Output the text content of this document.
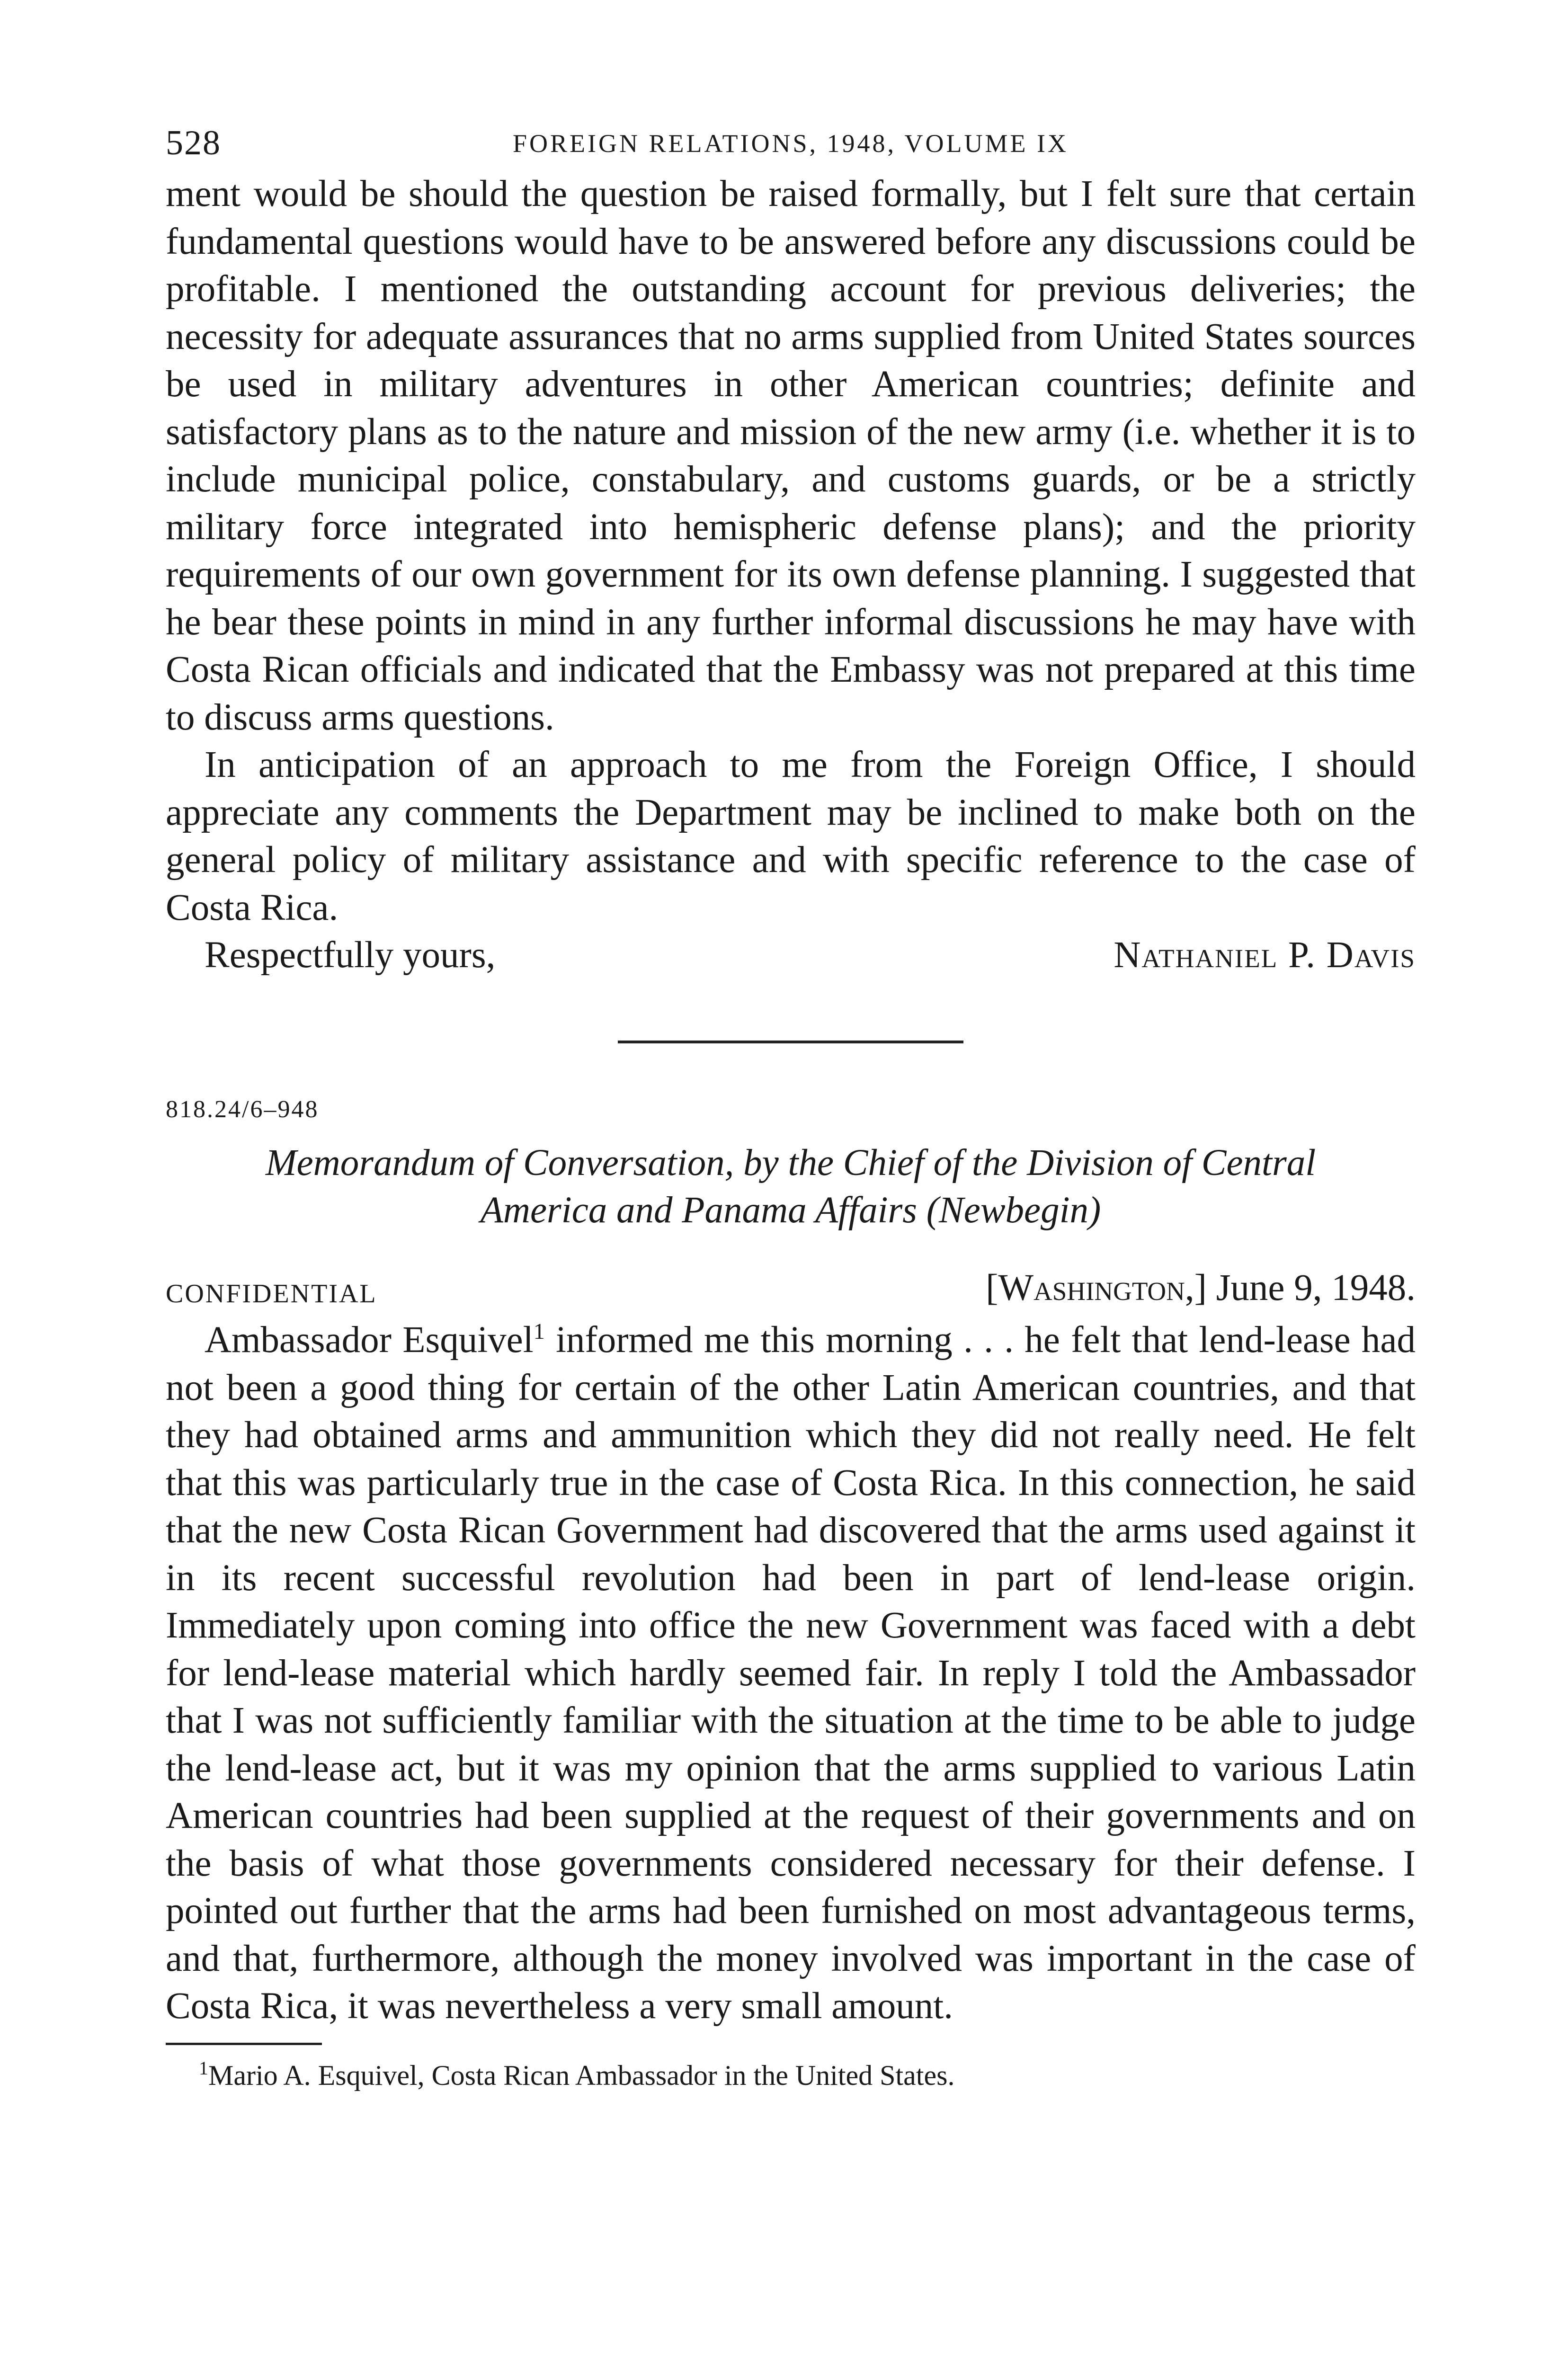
528	FOREIGN RELATIONS, 1948, VOLUME IX

ment would be should the question be raised formally, but I felt sure that certain fundamental questions would have to be answered before any discussions could be profitable. I mentioned the outstanding account for previous deliveries; the necessity for adequate assurances that no arms supplied from United States sources be used in military adventures in other American countries; definite and satisfactory plans as to the nature and mission of the new army (i.e. whether it is to include municipal police, constabulary, and customs guards, or be a strictly military force integrated into hemispheric defense plans); and the priority requirements of our own government for its own defense planning. I suggested that he bear these points in mind in any further informal discussions he may have with Costa Rican officials and indicated that the Embassy was not prepared at this time to discuss arms questions.

In anticipation of an approach to me from the Foreign Office, I should appreciate any comments the Department may be inclined to make both on the general policy of military assistance and with specific reference to the case of Costa Rica.

Respectfully yours,	Nathaniel P. Davis
818.24/6–948
Memorandum of Conversation, by the Chief of the Division of Central
America and Panama Affairs (Newbegin)
CONFIDENTIAL	[Washington,] June 9, 1948.

Ambassador Esquivel$^1$ informed me this morning . . . he felt that lend-lease had not been a good thing for certain of the other Latin American countries, and that they had obtained arms and ammunition which they did not really need. He felt that this was particularly true in the case of Costa Rica. In this connection, he said that the new Costa Rican Government had discovered that the arms used against it in its recent successful revolution had been in part of lend-lease origin. Immediately upon coming into office the new Government was faced with a debt for lend-lease material which hardly seemed fair. In reply I told the Ambassador that I was not sufficiently familiar with the situation at the time to be able to judge the lend-lease act, but it was my opinion that the arms supplied to various Latin American countries had been supplied at the request of their governments and on the basis of what those governments considered necessary for their defense. I pointed out further that the arms had been furnished on most advantageous terms, and that, furthermore, although the money involved was important in the case of Costa Rica, it was nevertheless a very small amount.

$^1$Mario A. Esquivel, Costa Rican Ambassador in the United States.
